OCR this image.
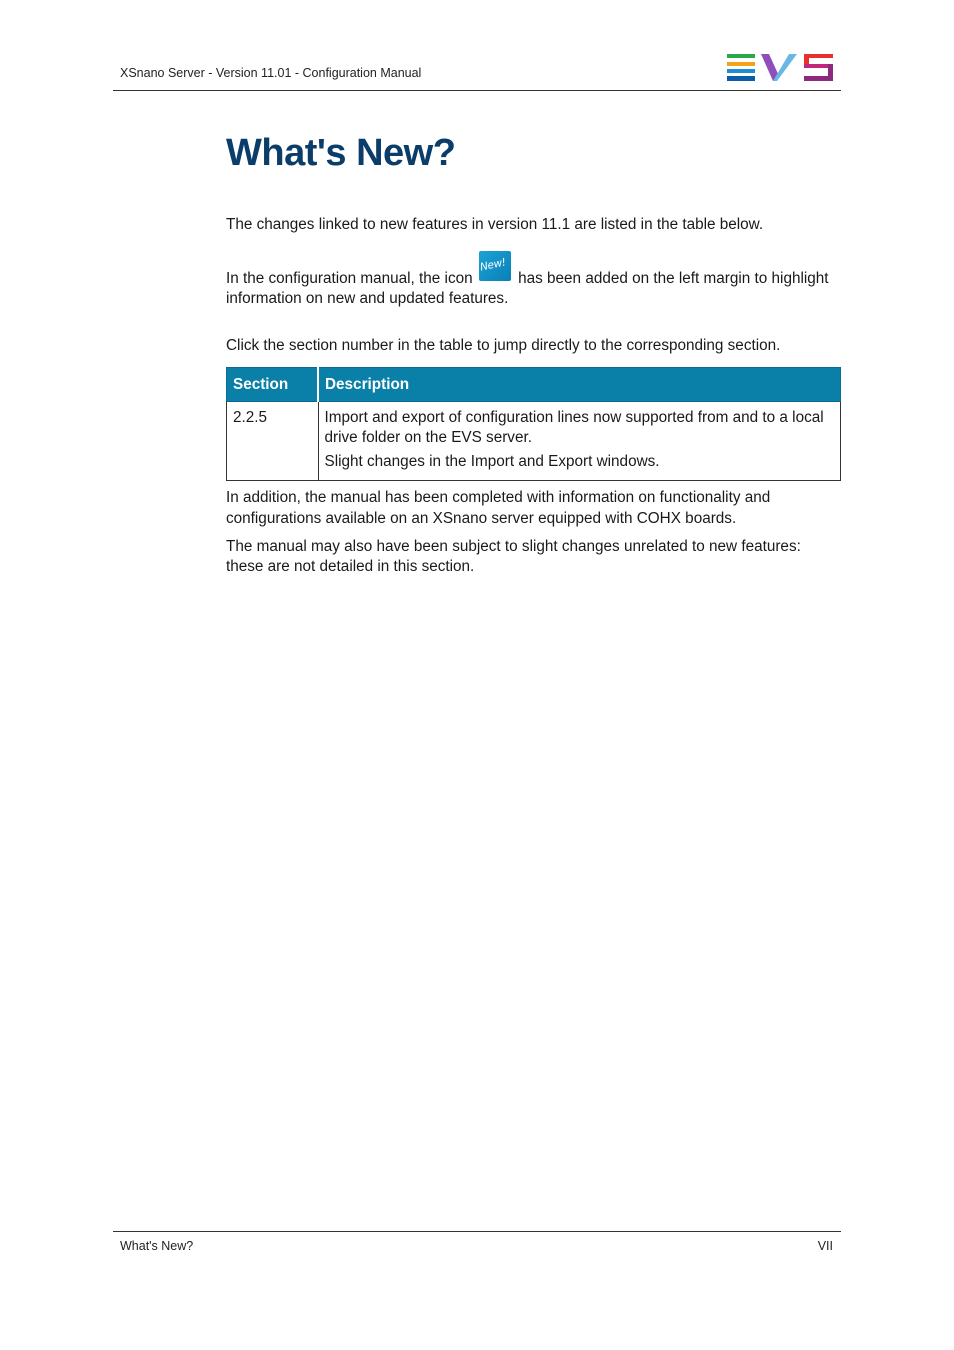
XSnano Server - Version 11.01 - Configuration Manual
What's New?

The changes linked to new features in version 11.1 are listed in the table below.

In the configuration manual, the icon
New!
has been added on the left margin to highlight information on new and updated features.

Click the section number in the table to jump directly to the corresponding section.

Section	Description
2.2.5	Import and export of configuration lines now supported from and to a local drive folder on the EVS server.

Slight changes in the Import and Export windows.

In addition, the manual has been completed with information on functionality and configurations available on an XSnano server equipped with COHX boards.

The manual may also have been subject to slight changes unrelated to new features: these are not detailed in this section.

What's New?	VII
